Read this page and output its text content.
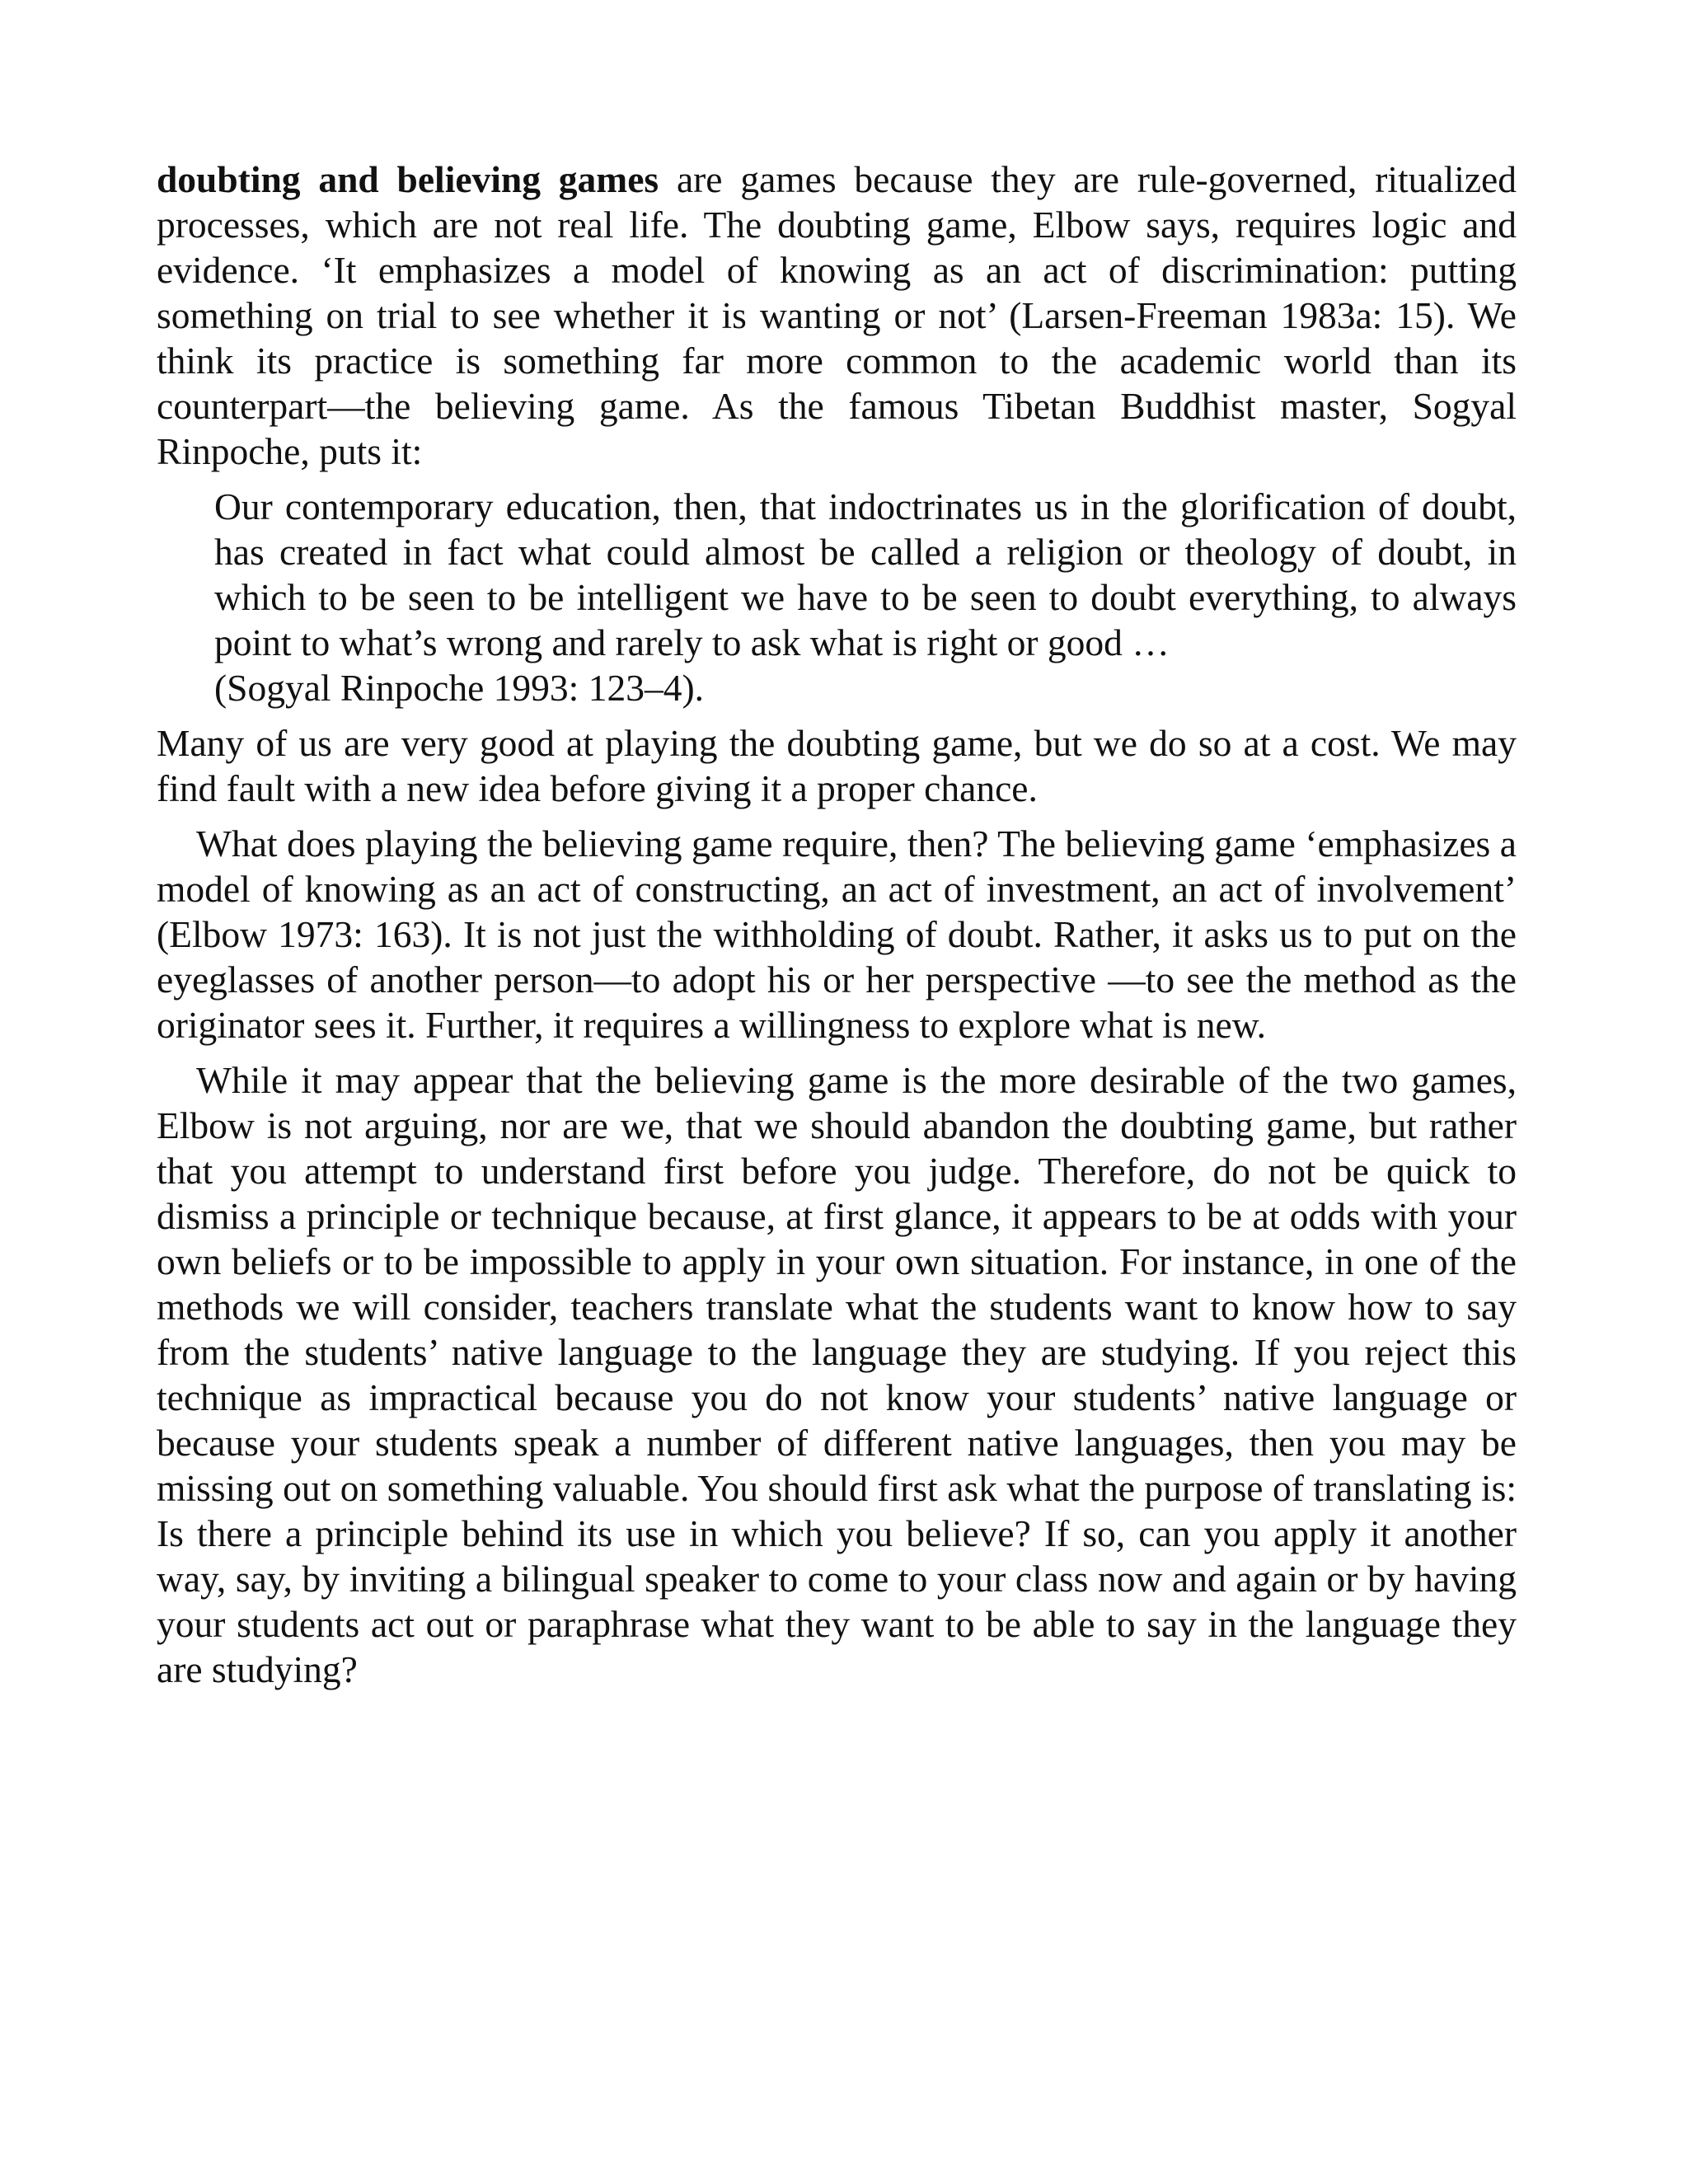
doubting and believing games are games because they are rule-governed, ritualized processes, which are not real life. The doubting game, Elbow says, requires logic and evidence. ‘It emphasizes a model of knowing as an act of discrimination: putting something on trial to see whether it is wanting or not’ (Larsen-Freeman 1983a: 15). We think its practice is something far more common to the academic world than its counterpart—the believing game. As the famous Tibetan Buddhist master, Sogyal Rinpoche, puts it:

Our contemporary education, then, that indoctrinates us in the glorification of doubt, has created in fact what could almost be called a religion or theology of doubt, in which to be seen to be intelligent we have to be seen to doubt everything, to always point to what’s wrong and rarely to ask what is right or good …
(Sogyal Rinpoche 1993: 123–4).

Many of us are very good at playing the doubting game, but we do so at a cost. We may find fault with a new idea before giving it a proper chance.

What does playing the believing game require, then? The believing game ‘emphasizes a model of knowing as an act of constructing, an act of investment, an act of involvement’ (Elbow 1973: 163). It is not just the withholding of doubt. Rather, it asks us to put on the eyeglasses of another person—to adopt his or her perspective —to see the method as the originator sees it. Further, it requires a willingness to explore what is new.

While it may appear that the believing game is the more desirable of the two games, Elbow is not arguing, nor are we, that we should abandon the doubting game, but rather that you attempt to understand first before you judge. Therefore, do not be quick to dismiss a principle or technique because, at first glance, it appears to be at odds with your own beliefs or to be impossible to apply in your own situation. For instance, in one of the methods we will consider, teachers translate what the students want to know how to say from the students’ native language to the language they are studying. If you reject this technique as impractical because you do not know your students’ native language or because your students speak a number of different native languages, then you may be missing out on something valuable. You should first ask what the purpose of translating is: Is there a principle behind its use in which you believe? If so, can you apply it another way, say, by inviting a bilingual speaker to come to your class now and again or by having your students act out or paraphrase what they want to be able to say in the language they are studying?
